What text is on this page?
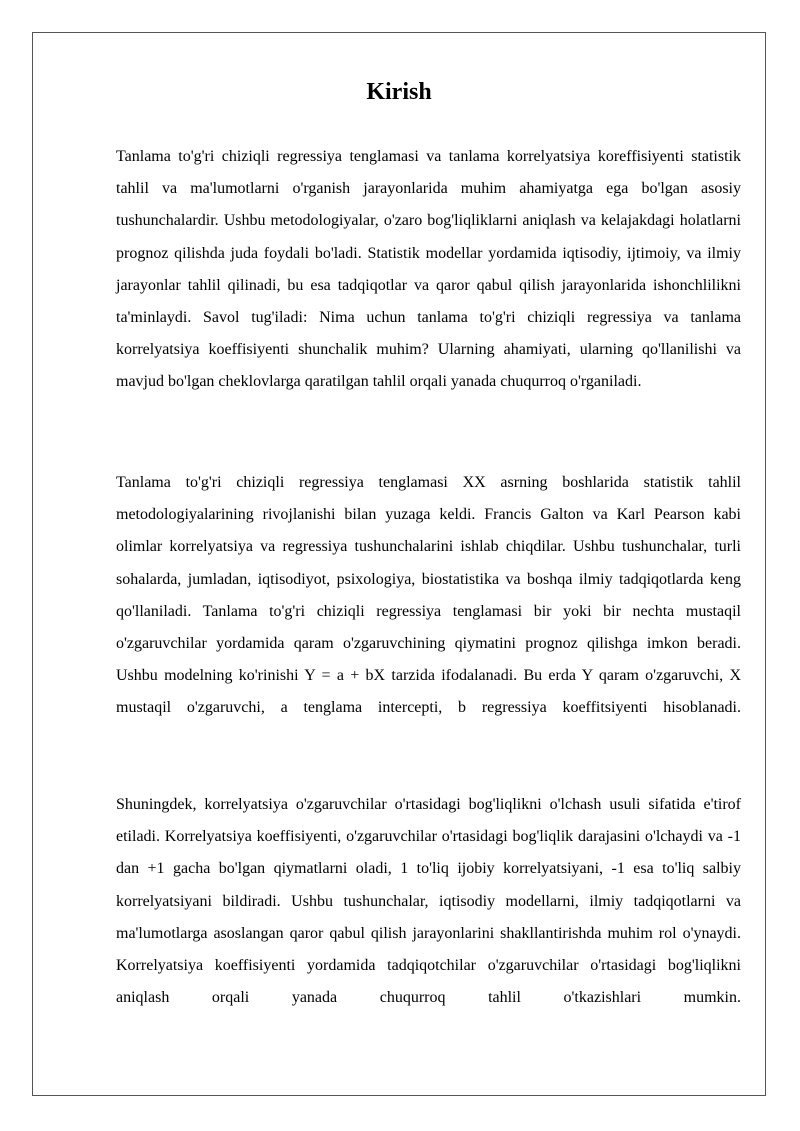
Kirish

Tanlama to'g'ri chiziqli regressiya tenglamasi va tanlama korrelyatsiya koreffisiyenti statistik tahlil va ma'lumotlarni o'rganish jarayonlarida muhim ahamiyatga ega bo'lgan asosiy tushunchalardir. Ushbu metodologiyalar, o'zaro bog'liqliklarni aniqlash va kelajakdagi holatlarni prognoz qilishda juda foydali bo'ladi. Statistik modellar yordamida iqtisodiy, ijtimoiy, va ilmiy jarayonlar tahlil qilinadi, bu esa tadqiqotlar va qaror qabul qilish jarayonlarida ishonchlilikni ta'minlaydi. Savol tug'iladi: Nima uchun tanlama to'g'ri chiziqli regressiya va tanlama korrelyatsiya koeffisiyenti shunchalik muhim? Ularning ahamiyati, ularning qo'llanilishi va mavjud bo'lgan cheklovlarga qaratilgan tahlil orqali yanada chuqurroq o'rganiladi.

Tanlama to'g'ri chiziqli regressiya tenglamasi XX asrning boshlarida statistik tahlil metodologiyalarining rivojlanishi bilan yuzaga keldi. Francis Galton va Karl Pearson kabi olimlar korrelyatsiya va regressiya tushunchalarini ishlab chiqdilar. Ushbu tushunchalar, turli sohalarda, jumladan, iqtisodiyot, psixologiya, biostatistika va boshqa ilmiy tadqiqotlarda keng qo'llaniladi. Tanlama to'g'ri chiziqli regressiya tenglamasi bir yoki bir nechta mustaqil o'zgaruvchilar yordamida qaram o'zgaruvchining qiymatini prognoz qilishga imkon beradi. Ushbu modelning ko'rinishi Y = a + bX tarzida ifodalanadi. Bu erda Y qaram o'zgaruvchi, X mustaqil o'zgaruvchi, a tenglama intercepti, b regressiya koeffitsiyenti hisoblanadi.

Shuningdek, korrelyatsiya o'zgaruvchilar o'rtasidagi bog'liqlikni o'lchash usuli sifatida e'tirof etiladi. Korrelyatsiya koeffisiyenti, o'zgaruvchilar o'rtasidagi bog'liqlik darajasini o'lchaydi va -1 dan +1 gacha bo'lgan qiymatlarni oladi, 1 to'liq ijobiy korrelyatsiyani, -1 esa to'liq salbiy korrelyatsiyani bildiradi. Ushbu tushunchalar, iqtisodiy modellarni, ilmiy tadqiqotlarni va ma'lumotlarga asoslangan qaror qabul qilish jarayonlarini shakllantirishda muhim rol o'ynaydi. Korrelyatsiya koeffisiyenti yordamida tadqiqotchilar o'zgaruvchilar o'rtasidagi bog'liqlikni aniqlash orqali yanada chuqurroq tahlil o'tkazishlari mumkin.
